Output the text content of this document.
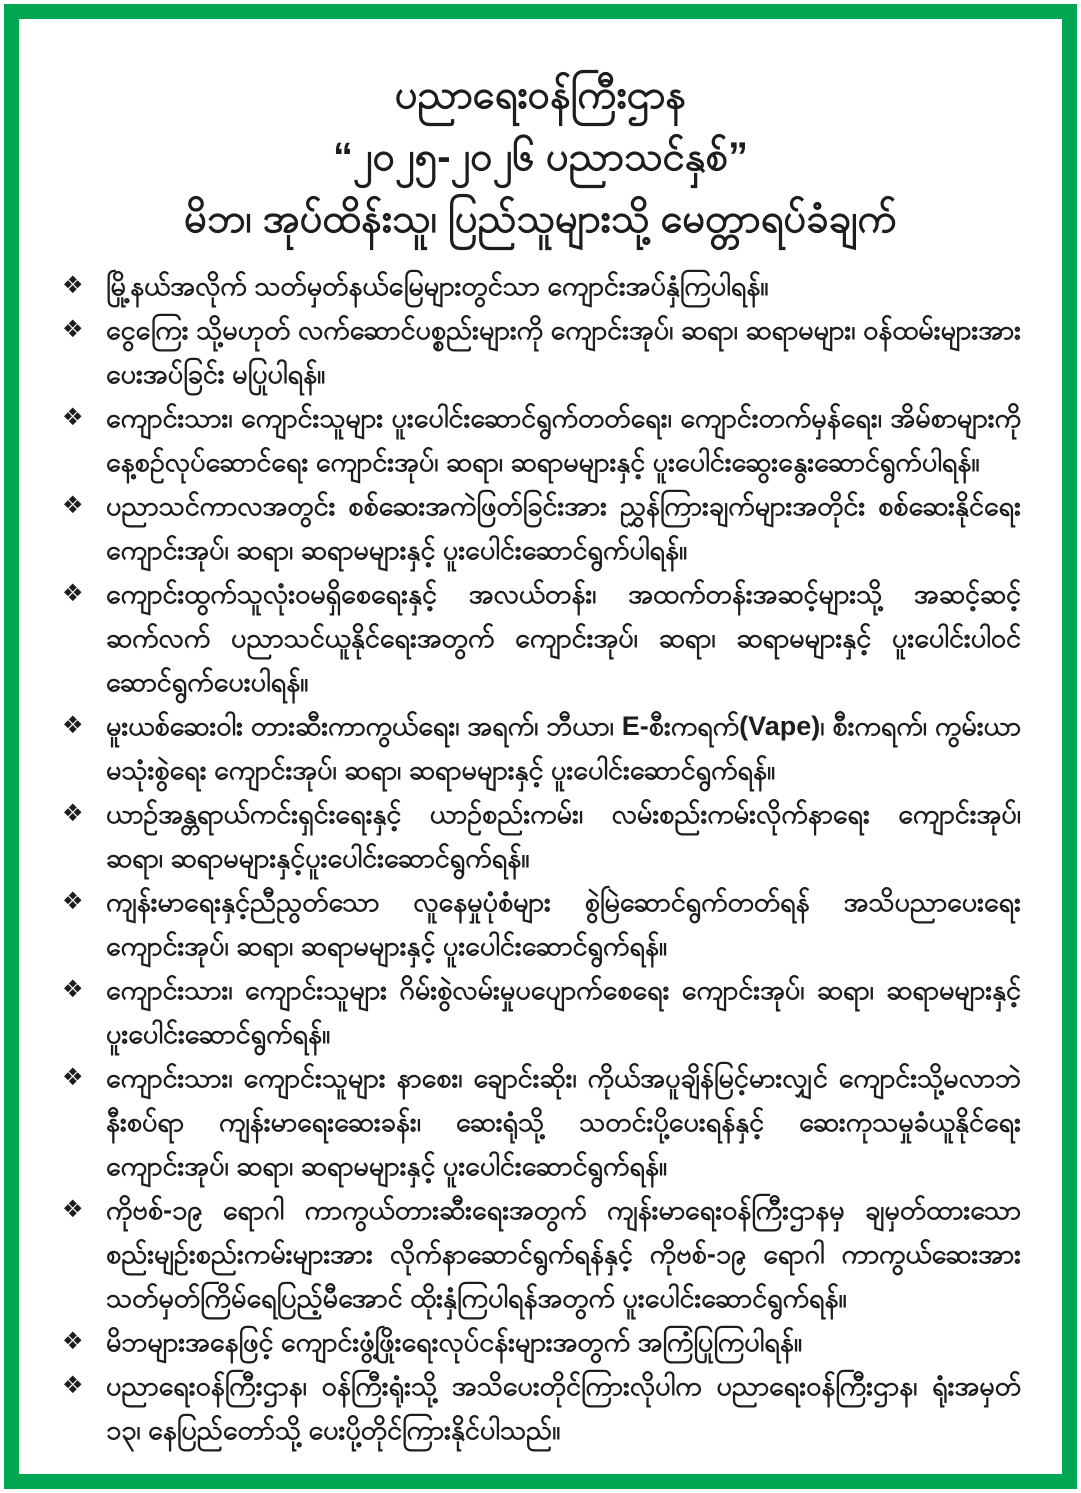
ပညာရေးဝန်ကြီးဌာန
“၂၀၂၅-၂၀၂၆ ပညာသင်နှစ်”
မိဘ၊ အုပ်ထိန်းသူ၊ ပြည်သူများသို့ မေတ္တာရပ်ခံချက်

❖ မြို့နယ်အလိုက် သတ်မှတ်နယ်မြေများတွင်သာ ကျောင်းအပ်နှံကြပါရန်။

❖ ငွေကြေး သို့မဟုတ် လက်ဆောင်ပစ္စည်းများကို ကျောင်းအုပ်၊ ဆရာ၊ ဆရာမများ၊ ဝန်ထမ်းများအား ပေးအပ်ခြင်း မပြုပါရန်။

❖ ကျောင်းသား၊ ကျောင်းသူများ ပူးပေါင်းဆောင်ရွက်တတ်ရေး၊ ကျောင်းတက်မှန်ရေး၊ အိမ်စာများကို နေ့စဉ်လုပ်ဆောင်ရေး ကျောင်းအုပ်၊ ဆရာ၊ ဆရာမများနှင့် ပူးပေါင်းဆွေးနွေးဆောင်ရွက်ပါရန်။

❖ ပညာသင်ကာလအတွင်း စစ်ဆေးအကဲဖြတ်ခြင်းအား ညွှန်ကြားချက်များအတိုင်း စစ်ဆေးနိုင်ရေး ကျောင်းအုပ်၊ ဆရာ၊ ဆရာမများနှင့် ပူးပေါင်းဆောင်ရွက်ပါရန်။

❖ ကျောင်းထွက်သူလုံးဝမရှိစေရေးနှင့် အလယ်တန်း၊ အထက်တန်းအဆင့်များသို့ အဆင့်ဆင့် ဆက်လက် ပညာသင်ယူနိုင်ရေးအတွက် ကျောင်းအုပ်၊ ဆရာ၊ ဆရာမများနှင့် ပူးပေါင်းပါဝင် ဆောင်ရွက်ပေးပါရန်။

❖ မူးယစ်ဆေးဝါး တားဆီးကာကွယ်ရေး၊ အရက်၊ ဘီယာ၊ E-စီးကရက်(Vape)၊ စီးကရက်၊ ကွမ်းယာ မသုံးစွဲရေး ကျောင်းအုပ်၊ ဆရာ၊ ဆရာမများနှင့် ပူးပေါင်းဆောင်ရွက်ရန်။

❖ ယာဉ်အန္တရာယ်ကင်းရှင်းရေးနှင့် ယာဉ်စည်းကမ်း၊ လမ်းစည်းကမ်းလိုက်နာရေး ကျောင်းအုပ်၊ ဆရာ၊ ဆရာမများနှင့်ပူးပေါင်းဆောင်ရွက်ရန်။

❖ ကျန်းမာရေးနှင့်ညီညွတ်သော လူနေမှုပုံစံများ စွဲမြဲဆောင်ရွက်တတ်ရန် အသိပညာပေးရေး ကျောင်းအုပ်၊ ဆရာ၊ ဆရာမများနှင့် ပူးပေါင်းဆောင်ရွက်ရန်။

❖ ကျောင်းသား၊ ကျောင်းသူများ ဂိမ်းစွဲလမ်းမှုပပျောက်စေရေး ကျောင်းအုပ်၊ ဆရာ၊ ဆရာမများနှင့် ပူးပေါင်းဆောင်ရွက်ရန်။

❖ ကျောင်းသား၊ ကျောင်းသူများ နာစေး၊ ချောင်းဆိုး၊ ကိုယ်အပူချိန်မြင့်မားလျှင် ကျောင်းသို့မလာဘဲ နီးစပ်ရာ ကျန်းမာရေးဆေးခန်း၊ ဆေးရုံသို့ သတင်းပို့ပေးရန်နှင့် ဆေးကုသမှုခံယူနိုင်ရေးကျောင်းအုပ်၊ ဆရာ၊ ဆရာမများနှင့် ပူးပေါင်းဆောင်ရွက်ရန်။

❖ ကိုဗစ်-၁၉ ရောဂါ ကာကွယ်တားဆီးရေးအတွက် ကျန်းမာရေးဝန်ကြီးဌာနမှ ချမှတ်ထားသော စည်းမျဉ်းစည်းကမ်းများအား လိုက်နာဆောင်ရွက်ရန်နှင့် ကိုဗစ်-၁၉ ရောဂါ ကာကွယ်ဆေးအား သတ်မှတ်ကြိမ်ရေပြည့်မီအောင် ထိုးနှံကြပါရန်အတွက် ပူးပေါင်းဆောင်ရွက်ရန်။

❖ မိဘများအနေဖြင့် ကျောင်းဖွံ့ဖြိုးရေးလုပ်ငန်းများအတွက် အကြံပြုကြပါရန်။

❖ ပညာရေးဝန်ကြီးဌာန၊ ဝန်ကြီးရုံးသို့ အသိပေးတိုင်ကြားလိုပါက ပညာရေးဝန်ကြီးဌာန၊ ရုံးအမှတ် ၁၃၊ နေပြည်တော်သို့ ပေးပို့တိုင်ကြားနိုင်ပါသည်။
